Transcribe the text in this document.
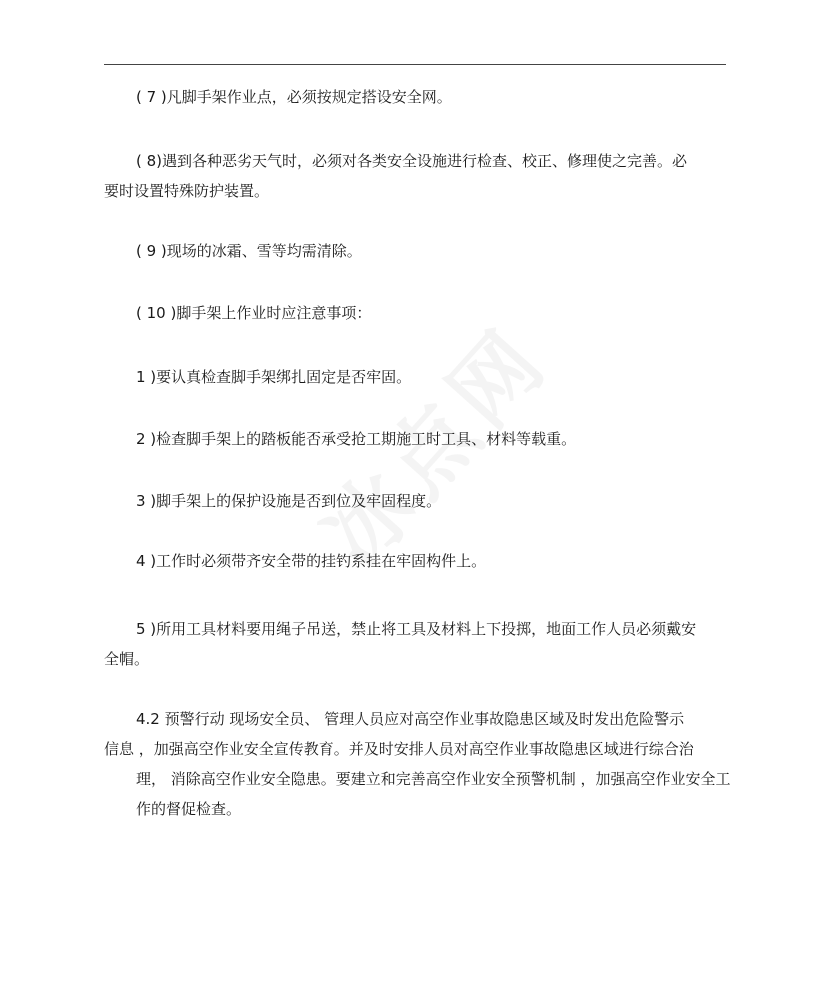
( 7 )凡脚手架作业点，必须按规定搭设安全网。

( 8)遇到各种恶劣天气时，必须对各类安全设施进行检查、校正、修理使之完善。必
要时设置特殊防护装置。

( 9 )现场的冰霜、雪等均需清除。

( 10 )脚手架上作业时应注意事项：

1 )要认真检查脚手架绑扎固定是否牢固。

2 )检查脚手架上的踏板能否承受抢工期施工时工具、材料等载重。

3 )脚手架上的保护设施是否到位及牢固程度。

4 )工作时必须带齐安全带的挂钓系挂在牢固构件上。

5 )所用工具材料要用绳子吊送，禁止将工具及材料上下投掷，地面工作人员必须戴安
全帽。

4.2 预警行动 现场安全员、 管理人员应对高空作业事故隐患区域及时发出危险警示
信息 ，加强高空作业安全宣传教育。并及时安排人员对高空作业事故隐患区域进行综合治
理， 消除高空作业安全隐患。要建立和完善高空作业安全预警机制 ，加强高空作业安全工
作的督促检查。
